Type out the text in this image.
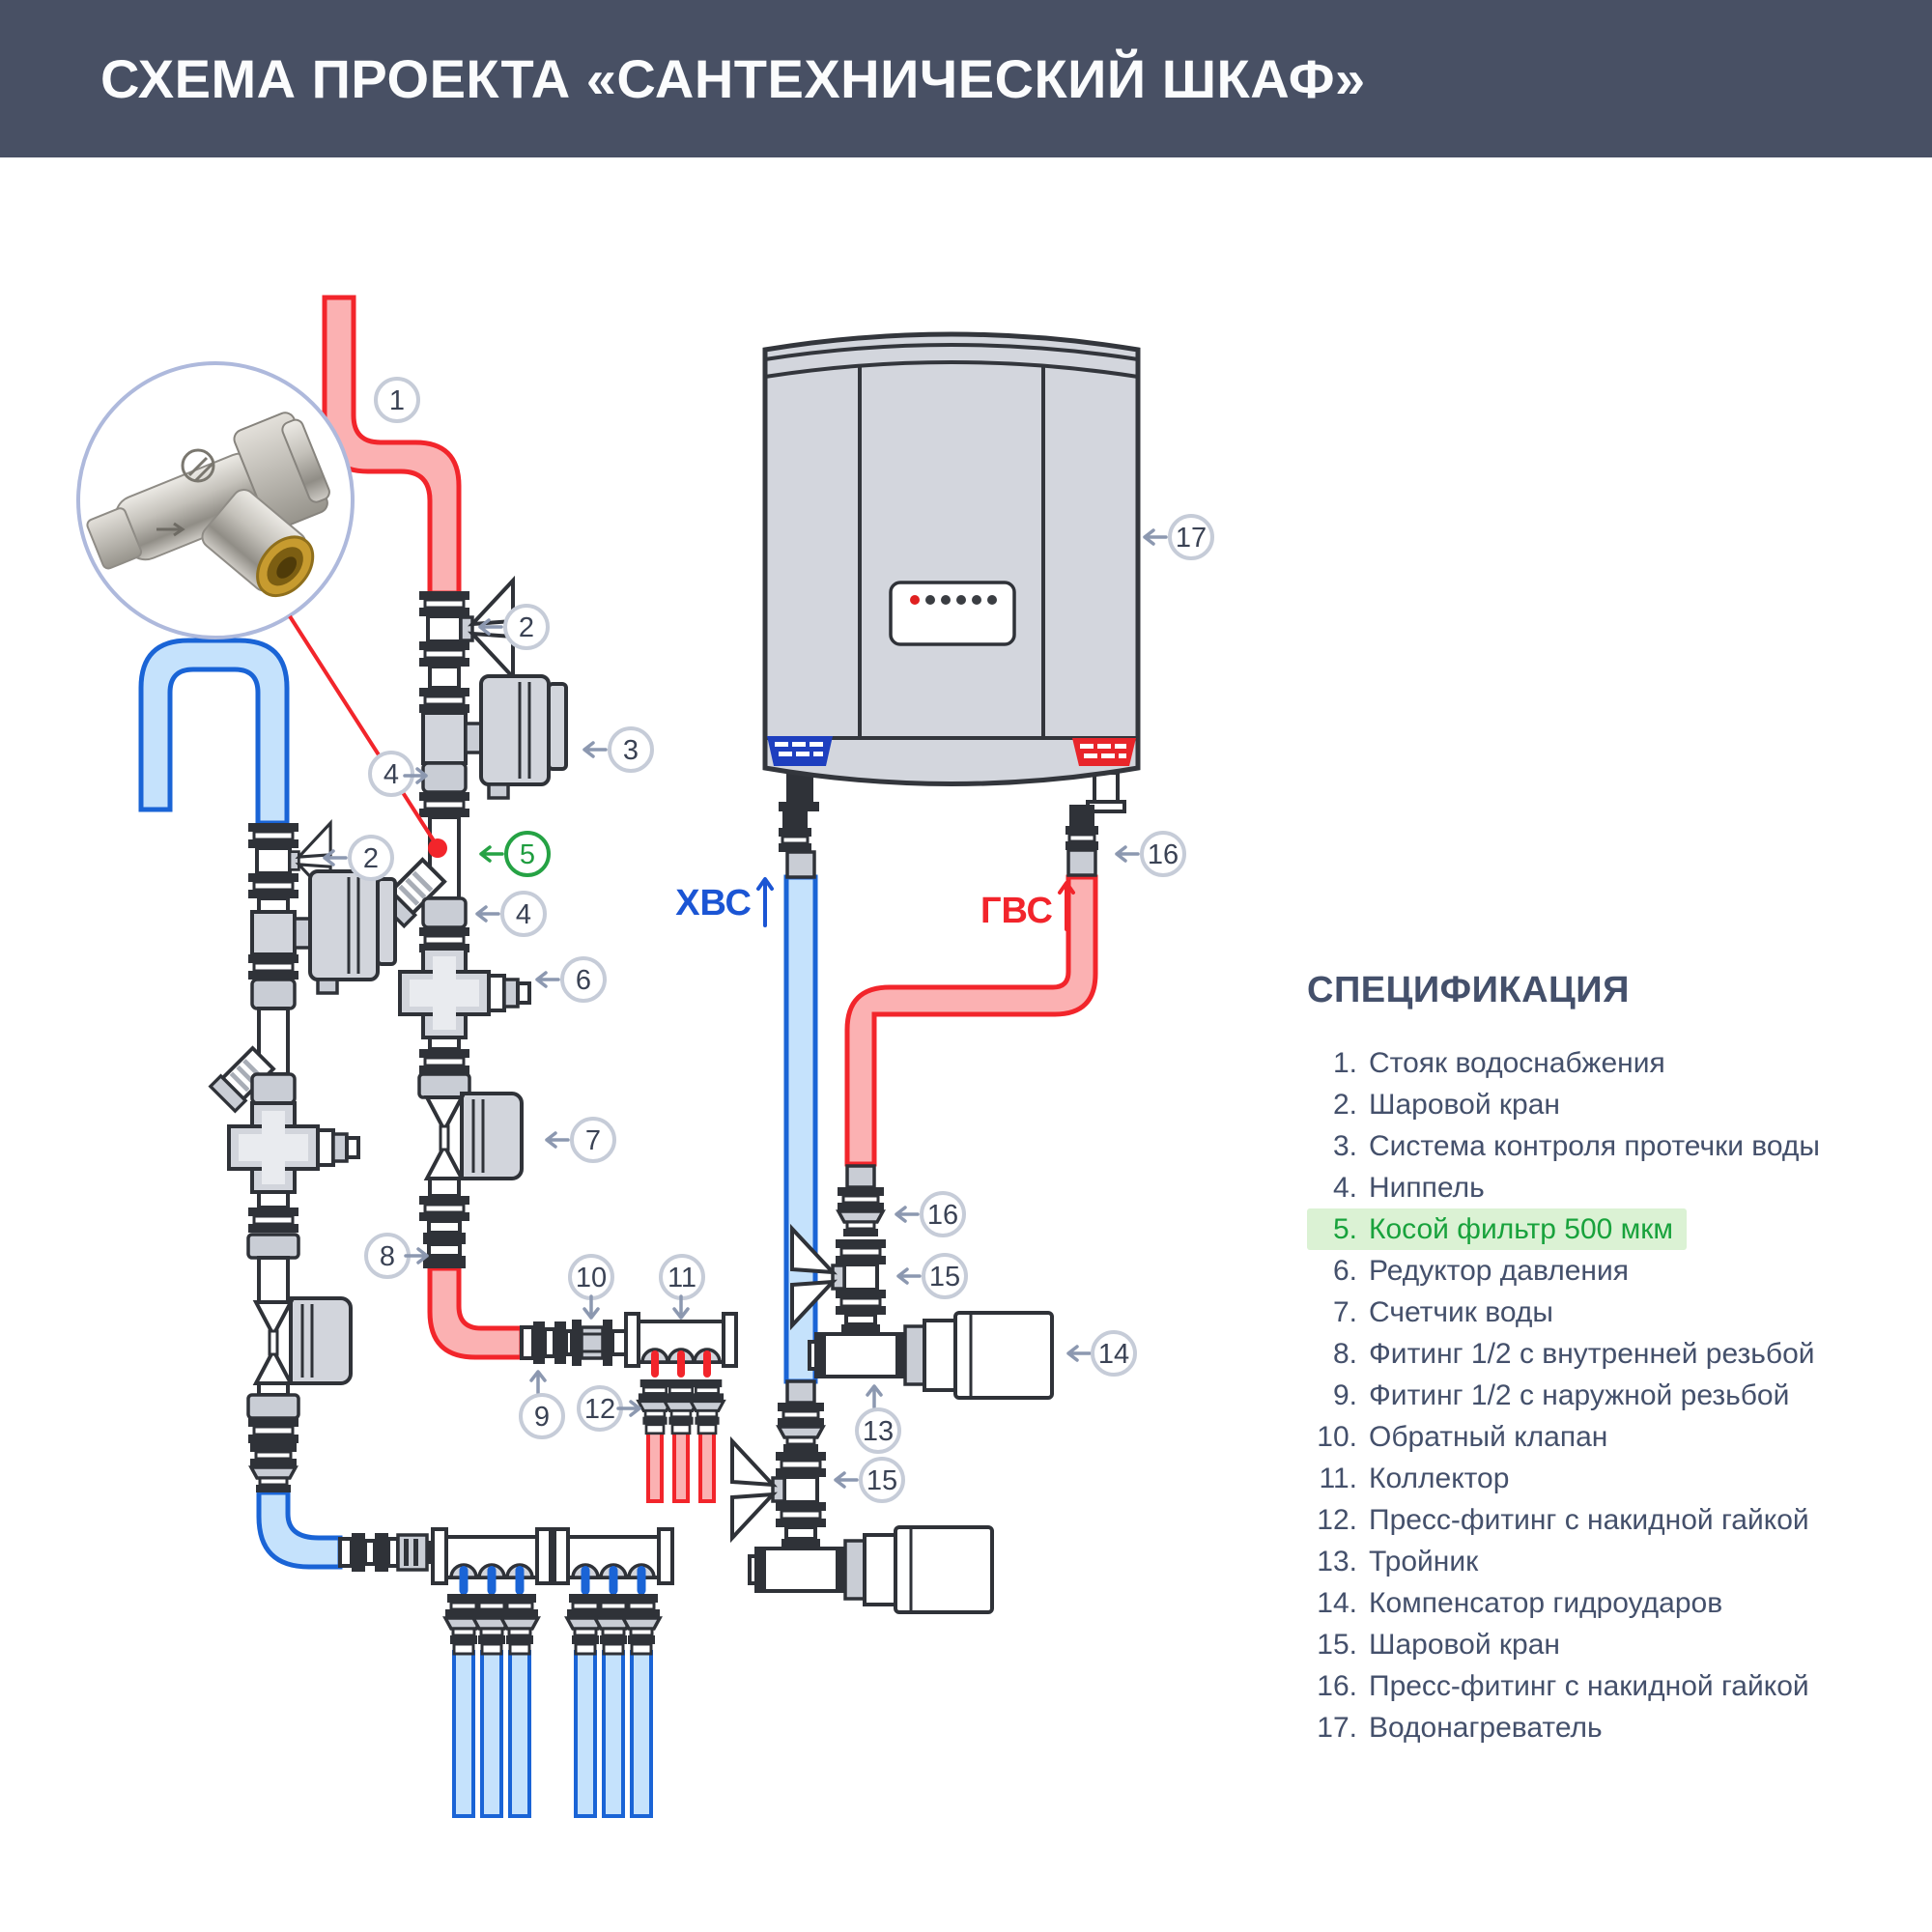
СХЕМА ПРОЕКТА «САНТЕХНИЧЕСКИЙ ШКАФ»
1
2
3
4
5
4
6
7
2
8
9
10 11
12
13
14
15
15
16
16
17
ХВС	ГВС
СПЕЦИФИКАЦИЯ
1. Стояк водоснабжения
2. Шаровой кран
3. Система контроля протечки воды
4. Ниппель
5. Косой фильтр 500 мкм
6. Редуктор давления
7. Счетчик воды
8. Фитинг 1/2 с внутренней резьбой
9. Фитинг 1/2 с наружной резьбой
10. Обратный клапан
11. Коллектор
12. Пресс-фитинг с накидной гайкой
13. Тройник
14. Компенсатор гидроударов
15. Шаровой кран
16. Пресс-фитинг с накидной гайкой
17. Водонагреватель
